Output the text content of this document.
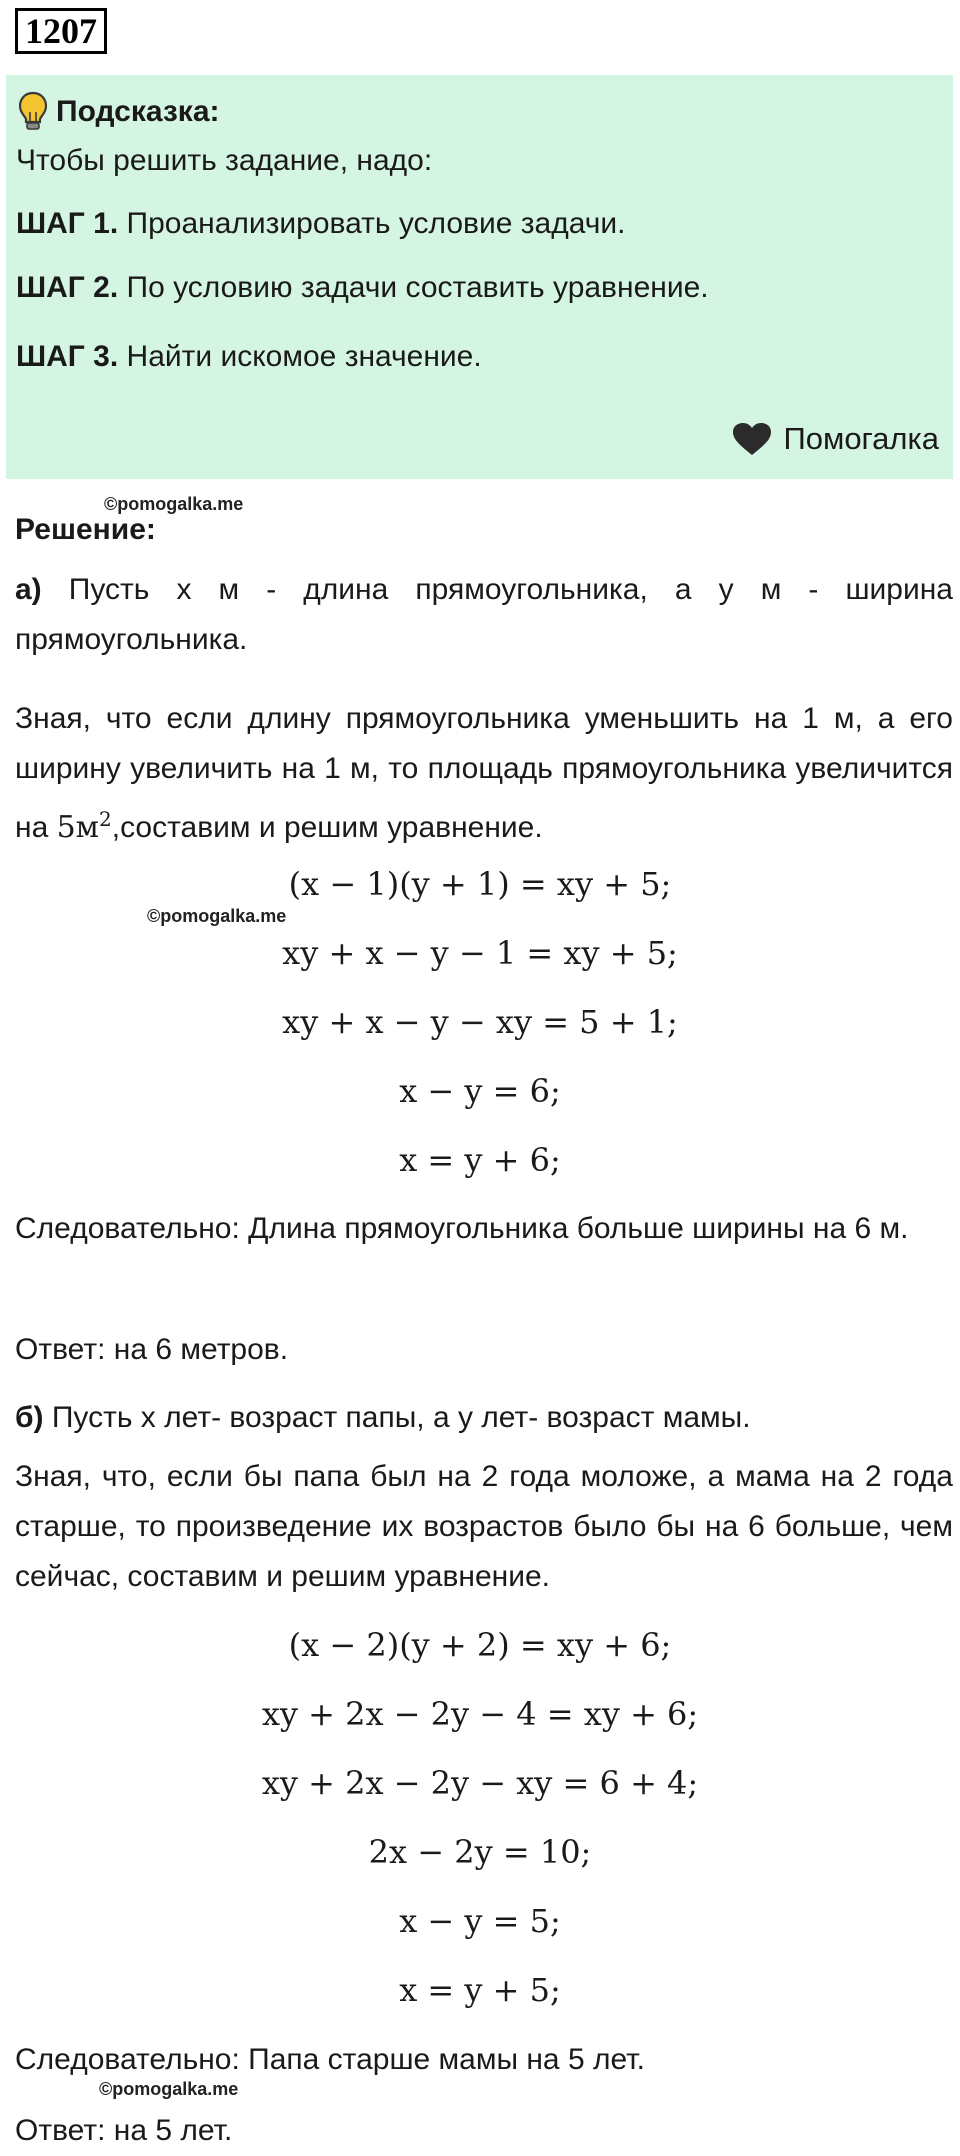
1207
Подсказка:

Чтобы решить задание, надо:

ШАГ 1. Проанализировать условие задачи.

ШАГ 2. По условию задачи составить уравнение.

ШАГ 3. Найти искомое значение.

Помогалка
©pomogalka.me

Решение:

а) Пусть x м - длина прямоугольника, а y м - ширина прямоугольника.

Зная, что если длину прямоугольника уменьшить на 1 м, а его ширину увеличить на 1 м, то площадь прямоугольника увеличится на $5м^2,составим$ и решим уравнение.

(x − 1)(y + 1) = xy + 5;

©pomogalka.me

xy + x − y − 1 = xy + 5;

xy + x − y − xy = 5 + 1;

x − y = 6;

x = y + 6;

Следовательно: Длина прямоугольника больше ширины на 6 м.

Ответ: на 6 метров.

б) Пусть x лет- возраст папы, а y лет- возраст мамы.

Зная, что, если бы папа был на 2 года моложе, а мама на 2 года старше, то произведение их возрастов было бы на 6 больше, чем сейчас, составим и решим уравнение.

(x − 2)(y + 2) = xy + 6;

xy + 2x − 2y − 4 = xy + 6;

xy + 2x − 2y − xy = 6 + 4;

2x − 2y = 10;

x − y = 5;

x = y + 5;

Следовательно: Папа старше мамы на 5 лет.

©pomogalka.me

Ответ: на 5 лет.
